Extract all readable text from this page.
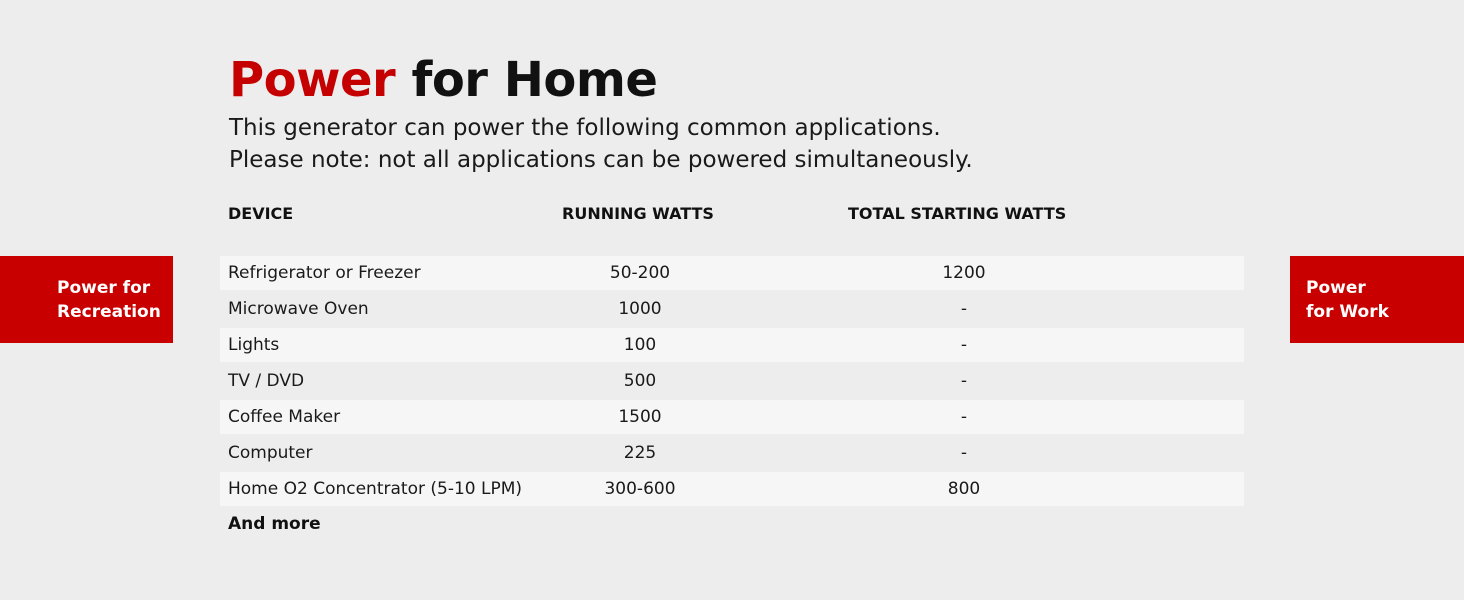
Power for Home
This generator can power the following common applications.
Please note: not all applications can be powered simultaneously.
Power for
Recreation
Power
for Work
DEVICE	RUNNING WATTS	TOTAL STARTING WATTS
Refrigerator or Freezer	50-200	1200
Microwave Oven	1000	-
Lights	100	-
TV / DVD	500	-
Coffee Maker	1500	-
Computer	225	-
Home O2 Concentrator (5-10 LPM)	300-600	800
And more
